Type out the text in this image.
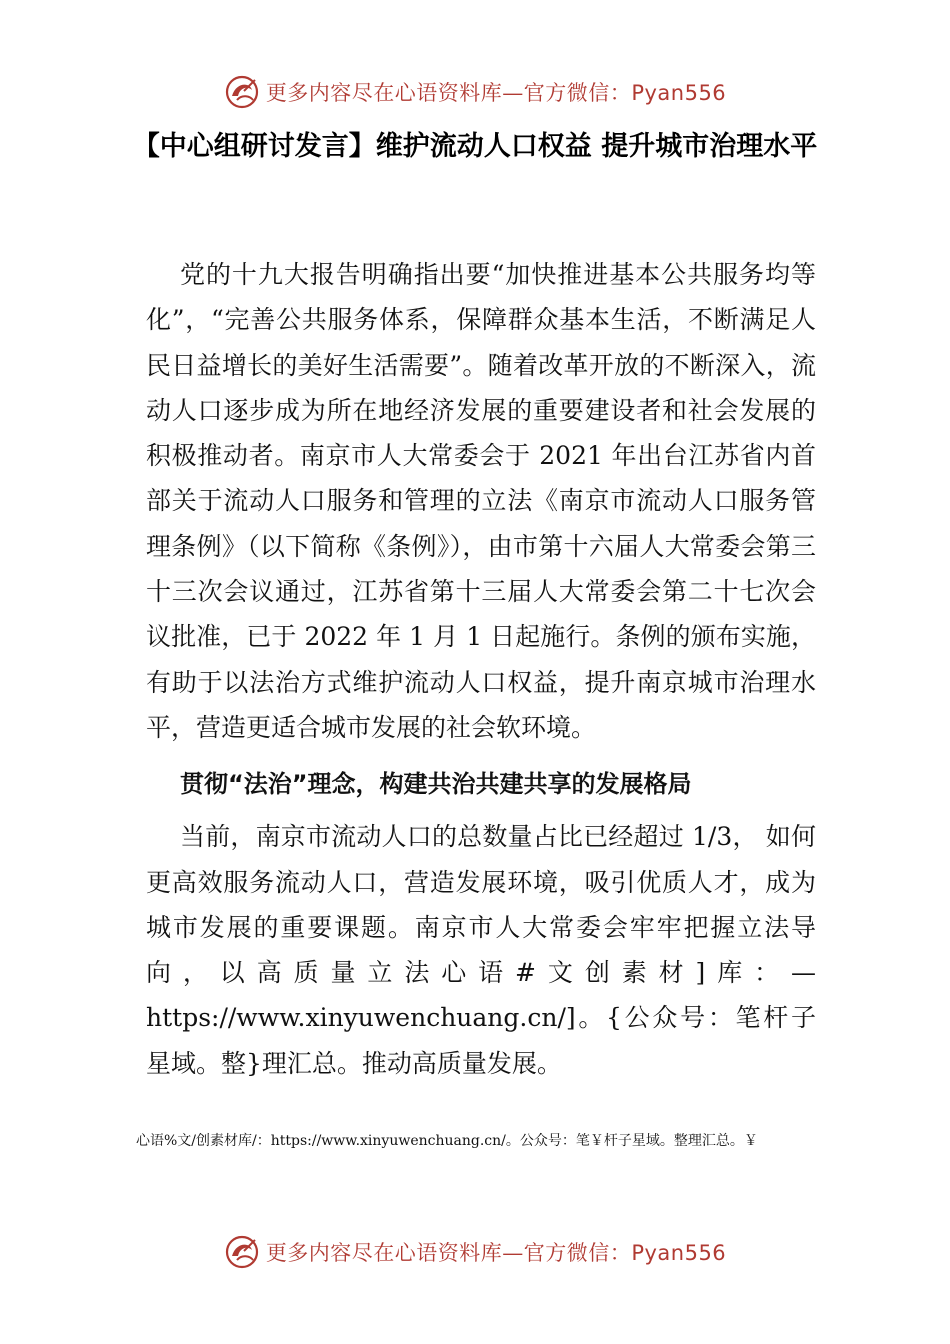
更多内容尽在心语资料库—官方微信：Pyan556
【中心组研讨发言】维护流动人口权益 提升城市治理水平

党的十九大报告明确指出要“加快推进基本公共服务均等化”，“完善公共服务体系，保障群众基本生活，不断满足人民日益增长的美好生活需要”。随着改革开放的不断深入，流动人口逐步成为所在地经济发展的重要建设者和社会发展的积极推动者。南京市人大常委会于 2021 年出台江苏省内首部关于流动人口服务和管理的立法《南京市流动人口服务管理条例》（以下简称《条例》），由市第十六届人大常委会第三十三次会议通过，江苏省第十三届人大常委会第二十七次会议批准，已于 2022 年 1 月 1 日起施行。条例的颁布实施，有助于以法治方式维护流动人口权益，提升南京城市治理水平，营造更适合城市发展的社会软环境。

贯彻“法治”理念，构建共治共建共享的发展格局

当前，南京市流动人口的总数量占比已经超过 1/3， 如何更高效服务流动人口，营造发展环境，吸引优质人才，成为城市发展的重要课题。南京市人大常委会牢牢把握立法导向，以高质量立法心语#文创素材]库：—https://www.xinyuwenchuang.cn/]。{公众号：笔杆子星域。整}理汇总。推动高质量发展。

心语%文/创素材库/：https://www.xinyuwenchuang.cn/。公众号：笔￥杆子星域。整理汇总。￥

更多内容尽在心语资料库—官方微信：Pyan556
